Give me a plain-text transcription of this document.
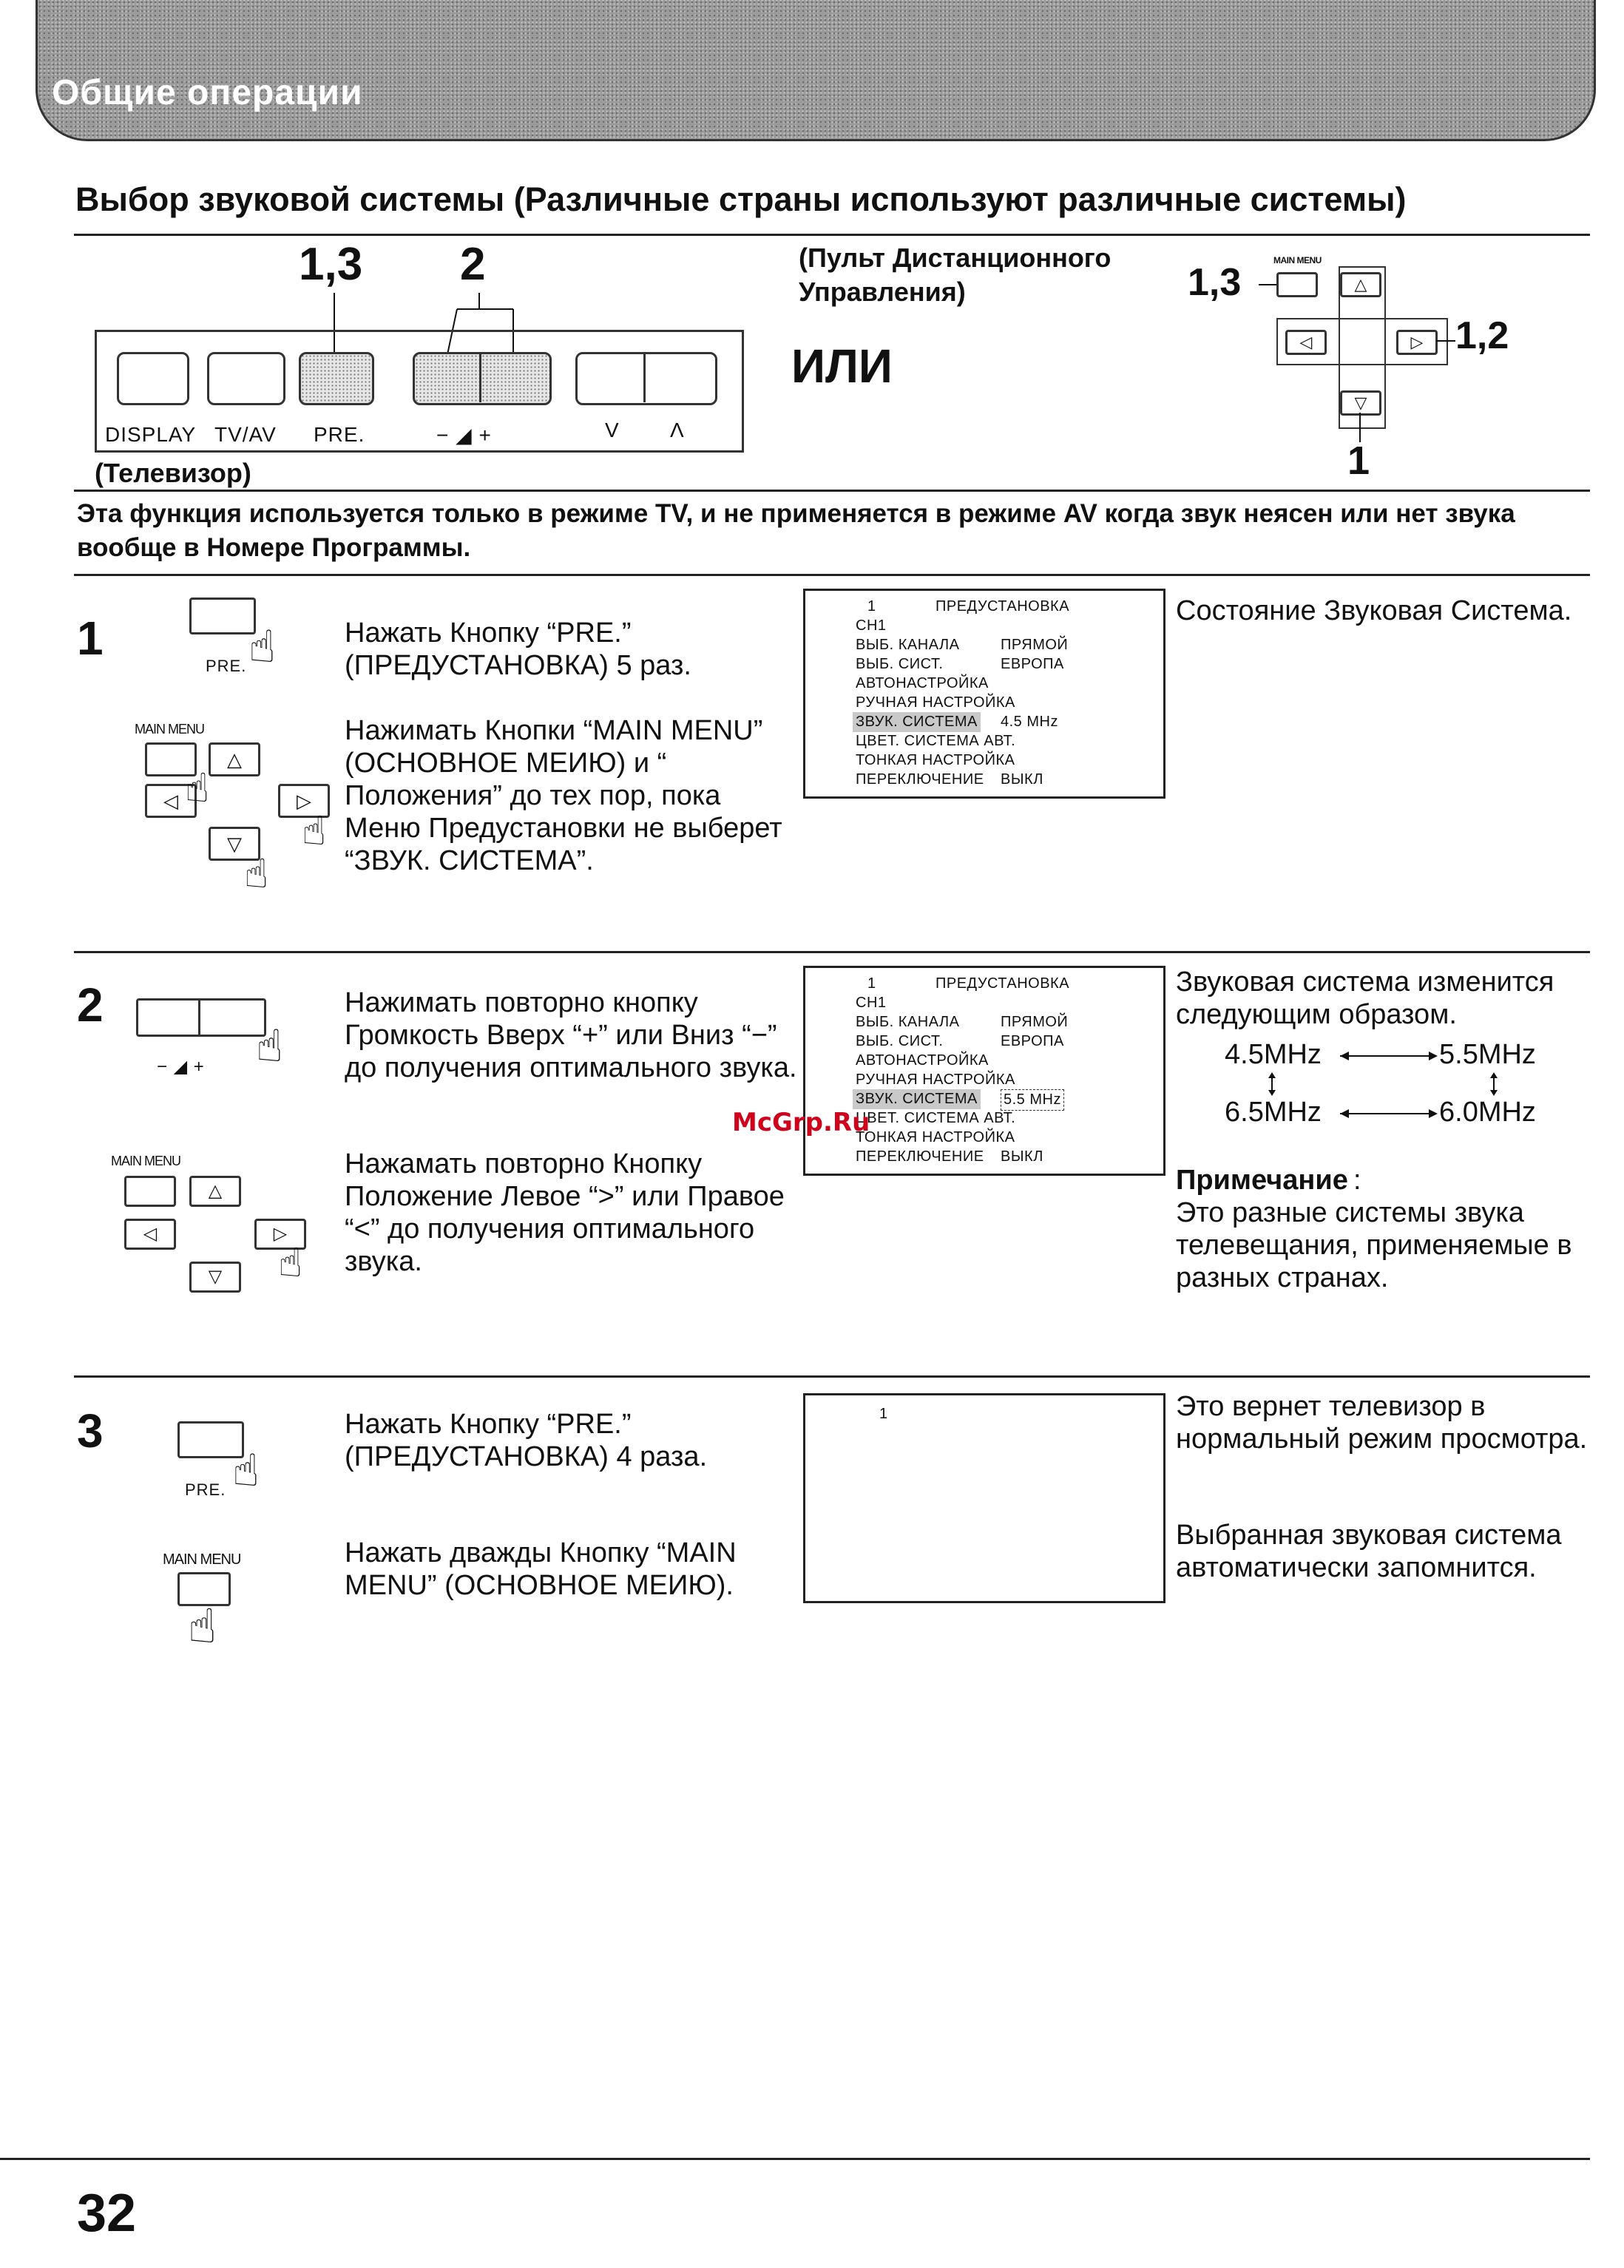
Общие операции
Выбор звуковой системы (Различные страны используют различные системы)
1,3 2
DISPLAY TV/AV PRE.	− ◢ +	V Λ
(Телевизор)
(Пульт Дистанционного Управления)
ИЛИ
1,3
MAIN MENU
△
◁	▷
▽
1,2
1
Эта функция используется только в режиме TV, и не применяется в режиме AV когда звук неясен или нет звука вообще в Номере Программы.
1	☝
PRE.
MAIN MENU
△
◁	▷
▽
☝
☝
☝
Нажать Кнопку “PRE.” (ПРЕДУСТАНОВКА) 5 раз.
Нажимать Кнопки “MAIN MENU” (ОСНОВНОЕ МЕИЮ) и “ Положения” до тех пор, пока Меню Предустановки не выберет “ЗВУК. СИСТЕМА”.
1	ПРЕДУСТАНОВКА
CH1
ВЫБ. КАНАЛА	ПРЯМОЙ
ВЫБ. СИСТ.	ЕВРОПА
АВТОНАСТРОЙКА
РУЧНАЯ НАСТРОЙКА
ЗВУК. СИСТЕМА 4.5 MHz
ЦВЕТ. СИСТЕМА АВТ.
ТОНКАЯ НАСТРОЙКА
ПЕРЕКЛЮЧЕНИЕ ВЫКЛ
Состояние Звуковая Система.
2
☝
− ◢ +
MAIN MENU
△
◁	▷
▽	☝
Нажимать повторно кнопку Громкость Вверх “+” или Вниз “−” до получения оптимального звука.
Нажамать повторно Кнопку Положение Левое “>” или Правое “<” до получения оптимального звука.
1	ПРЕДУСТАНОВКА
CH1
ВЫБ. КАНАЛА	ПРЯМОЙ
ВЫБ. СИСТ.	ЕВРОПА
АВТОНАСТРОЙКА
РУЧНАЯ НАСТРОЙКА
ЗВУК. СИСТЕМА 5.5 MHz
ЦВЕТ. СИСТЕМА АВТ.
ТОНКАЯ НАСТРОЙКА
ПЕРЕКЛЮЧЕНИЕ ВЫКЛ
McGrp.Ru
Звуковая система изменится следующим образом.
4.5MHz	5.5MHz
6.5MHz	6.0MHz
Примечание :
Это разные системы звука телевещания, применяемые в разных странах.
3
☝
PRE.
MAIN MENU
☝
Нажать Кнопку “PRE.” (ПРЕДУСТАНОВКА) 4 раза.
Нажать дважды Кнопку “MAIN MENU” (ОСНОВНОЕ МЕИЮ).
1	Это вернет телевизор в нормальный режим просмотра.
Выбранная звуковая система автоматически запомнится.
32
